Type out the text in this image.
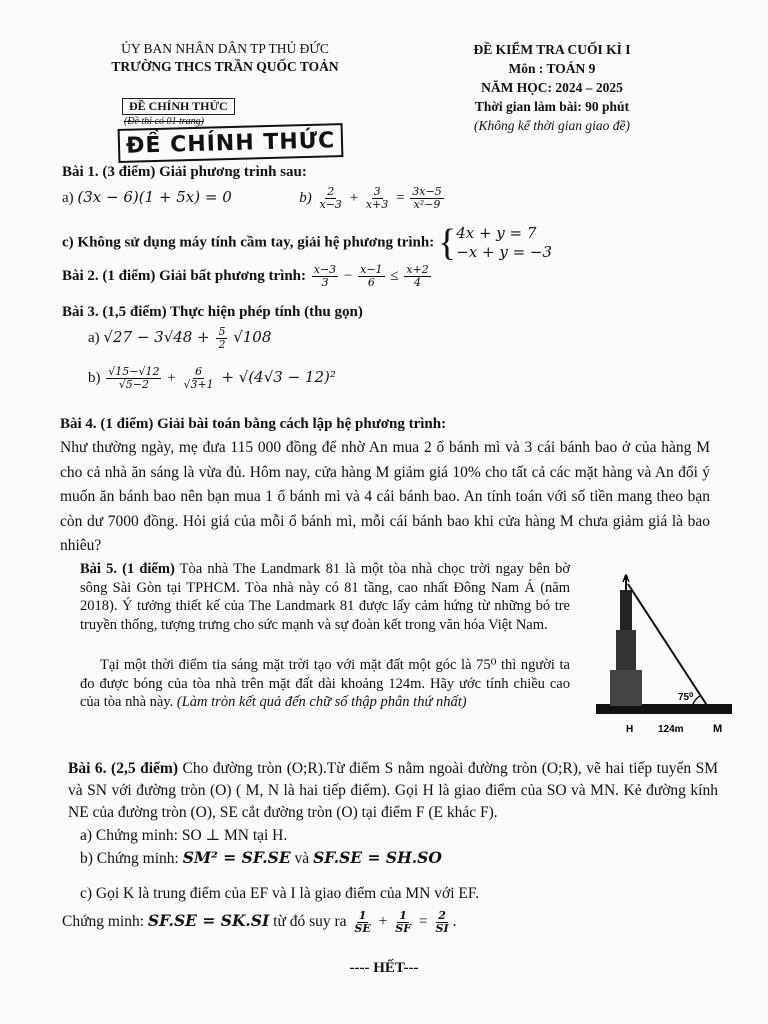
ỦY BAN NHÂN DÂN TP THỦ ĐỨC
TRƯỜNG THCS TRẦN QUỐC TOẢN
ĐỀ KIỂM TRA CUỐI KÌ I
Môn : TOÁN 9
NĂM HỌC: 2024 – 2025
Thời gian làm bài: 90 phút
(Không kể thời gian giao đề)
ĐỀ CHÍNH THỨC
(Đề thi có 01 trang)
ĐỀ CHÍNH THỨC
Bài 1. (3 điểm) Giải phương trình sau:
a) (3x − 6)(1 + 5x) = 0	$b) \frac{2}{x-3} + \frac{3}{x+3} = \frac{3x-5}{\text{x²−9}}$
c) Không sử dụng máy tính cầm tay, giải hệ phương trình: { 4x + y = 7
−x + y = −3
Bài 2. (1 điểm) Giải bất phương trình: $\frac{x-3}{3} - \frac{x-1}{6} \le \frac{x+2}{4}$
Bài 3. (1,5 điểm) Thực hiện phép tính (thu gọn)
a) $√27 - 3√48 + \frac{5}{2} √108$
$b) \frac{√15-√12}{√5-2} + \frac{6}{√3+1} + √(4√3 - 12)^2$
Bài 4. (1 điểm) Giải bài toán bằng cách lập hệ phương trình:
Như thường ngày, mẹ đưa 115 000 đồng để nhờ An mua 2 ổ bánh mì và 3 cái bánh bao ở của hàng M cho cả nhà ăn sáng là vừa đủ. Hôm nay, cửa hàng M giảm giá 10% cho tất cả các mặt hàng và An đổi ý muốn ăn bánh bao nên bạn mua 1 ổ bánh mì và 4 cái bánh bao. An tính toán với số tiền mang theo bạn còn dư 7000 đồng. Hỏi giá của mỗi ổ bánh mì, mỗi cái bánh bao khi cửa hàng M chưa giảm giá là bao nhiêu?
Bài 5. (1 điểm) Tòa nhà The Landmark 81 là một tòa nhà chọc trời ngay bên bờ sông Sài Gòn tại TPHCM. Tòa nhà này có 81 tầng, cao nhất Đông Nam Á (năm 2018). Ý tưởng thiết kế của The Landmark 81 được lấy cảm hứng từ những bó tre truyền thống, tượng trưng cho sức mạnh và sự đoàn kết trong văn hóa Việt Nam.
Tại một thời điểm tia sáng mặt trời tạo với mặt đất một góc là 75⁰ thì người ta đo được bóng của tòa nhà trên mặt đất dài khoảng 124m. Hãy ước tính chiều cao của tòa nhà này. (Làm tròn kết quả đến chữ số thập phân thứ nhất)
A
H	M
124m
75⁰
Bài 6. (2,5 điểm) Cho đường tròn (O;R).Từ điểm S nằm ngoài đường tròn (O;R), vẽ hai tiếp tuyến SM và SN với đường tròn (O) ( M, N là hai tiếp điểm). Gọi H là giao điểm của SO và MN. Kẻ đường kính NE của đường tròn (O), SE cắt đường tròn (O) tại điểm F (E khác F).
a) Chứng minh: SO ⊥ MN tại H.
b) Chứng minh: SM² = SF.SE và SF.SE = SH.SO
c) Gọi K là trung điểm của EF và I là giao điểm của MN với EF.
Chứng minh: SF.SE = SK.SI từ đó suy ra $\frac{1}{SE} + \frac{1}{SF} = \frac{2}{SI}$ .
---- HẾT---
